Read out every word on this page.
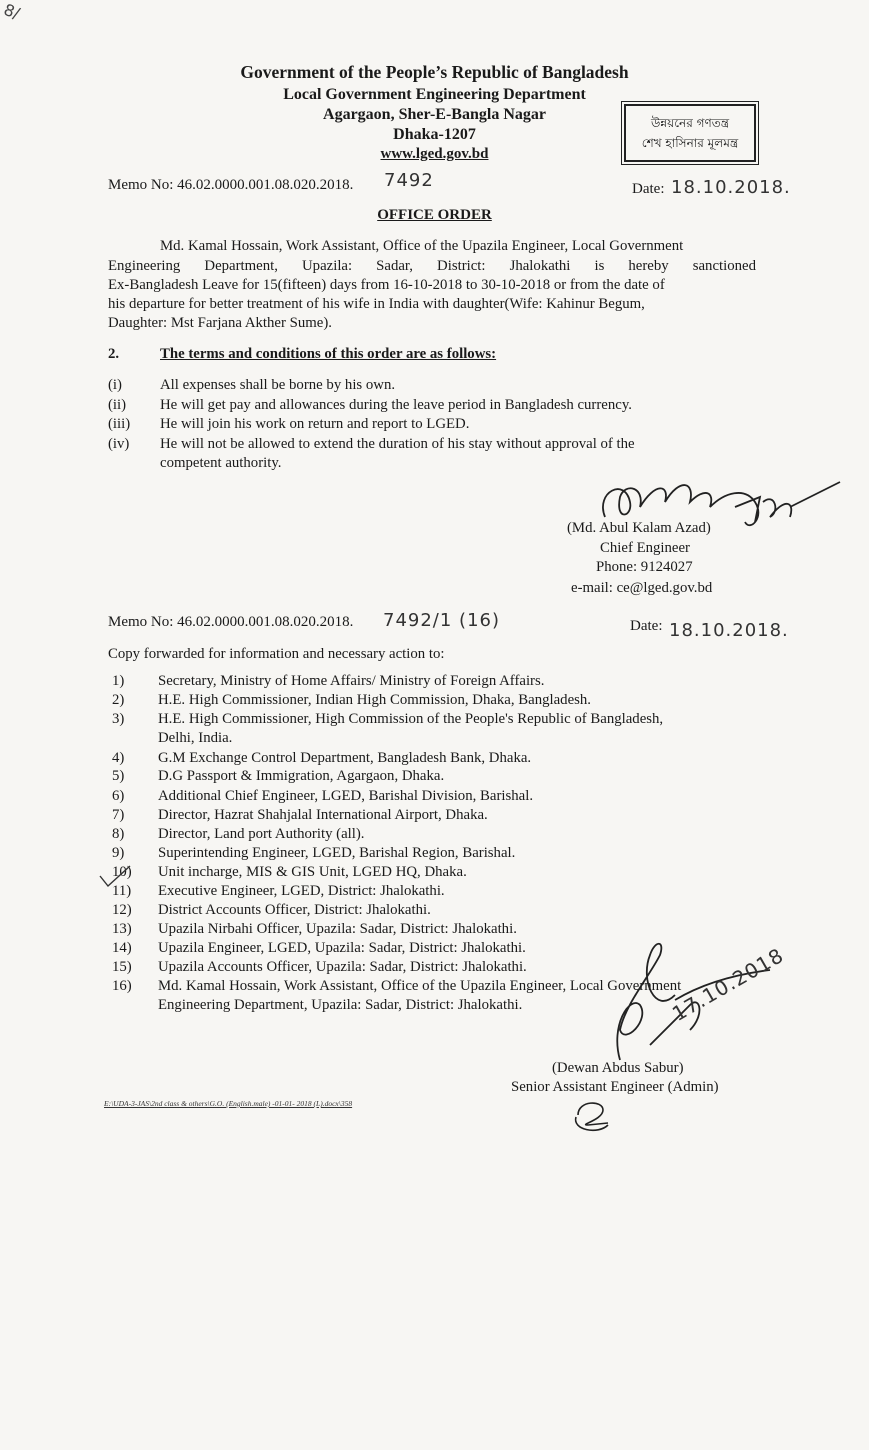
8/
Government of the People’s Republic of Bangladesh
Local Government Engineering Department
Agargaon, Sher-E-Bangla Nagar
Dhaka-1207
www.lged.gov.bd
উন্নয়নের গণতন্ত্র
শেখ হাসিনার মূলমন্ত্র
Memo No: 46.02.0000.001.08.020.2018. 7492	Date: 18.10.2018.
OFFICE ORDER
Md. Kamal Hossain, Work Assistant, Office of the Upazila Engineer, Local Government
Engineering Department, Upazila: Sadar, District: Jhalokathi is hereby sanctioned
Ex-Bangladesh Leave for 15(fifteen) days from 16-10-2018 to 30-10-2018 or from the date of
his departure for better treatment of his wife in India with daughter(Wife: Kahinur Begum,
Daughter: Mst Farjana Akther Sume).
2.	The terms and conditions of this order are as follows:
(i)	All expenses shall be borne by his own.
(ii) He will get pay and allowances during the leave period in Bangladesh currency.
(iii) He will join his work on return and report to LGED.
(iv) He will not be allowed to extend the duration of his stay without approval of the
competent authority.
(Md. Abul Kalam Azad)
Chief Engineer
Phone: 9124027
e-mail: ce@lged.gov.bd
Memo No: 46.02.0000.001.08.020.2018. 7492/1 (16)	Date: 18.10.2018.
Copy forwarded for information and necessary action to:
1) Secretary, Ministry of Home Affairs/ Ministry of Foreign Affairs.
2) H.E. High Commissioner, Indian High Commission, Dhaka, Bangladesh.
3) H.E. High Commissioner, High Commission of the People's Republic of Bangladesh,
Delhi, India.
4) G.M Exchange Control Department, Bangladesh Bank, Dhaka.
5) D.G Passport & Immigration, Agargaon, Dhaka.
6) Additional Chief Engineer, LGED, Barishal Division, Barishal.
7) Director, Hazrat Shahjalal International Airport, Dhaka.
8) Director, Land port Authority (all).
9) Superintending Engineer, LGED, Barishal Region, Barishal.
10) Unit incharge, MIS & GIS Unit, LGED HQ, Dhaka.
11) Executive Engineer, LGED, District: Jhalokathi.
12) District Accounts Officer, District: Jhalokathi.
13) Upazila Nirbahi Officer, Upazila: Sadar, District: Jhalokathi.
14) Upazila Engineer, LGED, Upazila: Sadar, District: Jhalokathi.
15) Upazila Accounts Officer, Upazila: Sadar, District: Jhalokathi.
16) Md. Kamal Hossain, Work Assistant, Office of the Upazila Engineer, Local Government
Engineering Department, Upazila: Sadar, District: Jhalokathi.	17.10.2018
(Dewan Abdus Sabur)
Senior Assistant Engineer (Admin)
E:\UDA-3-JAS\2nd class & others\G.O. (English.male) -01-01- 2018 (L).docx\358
